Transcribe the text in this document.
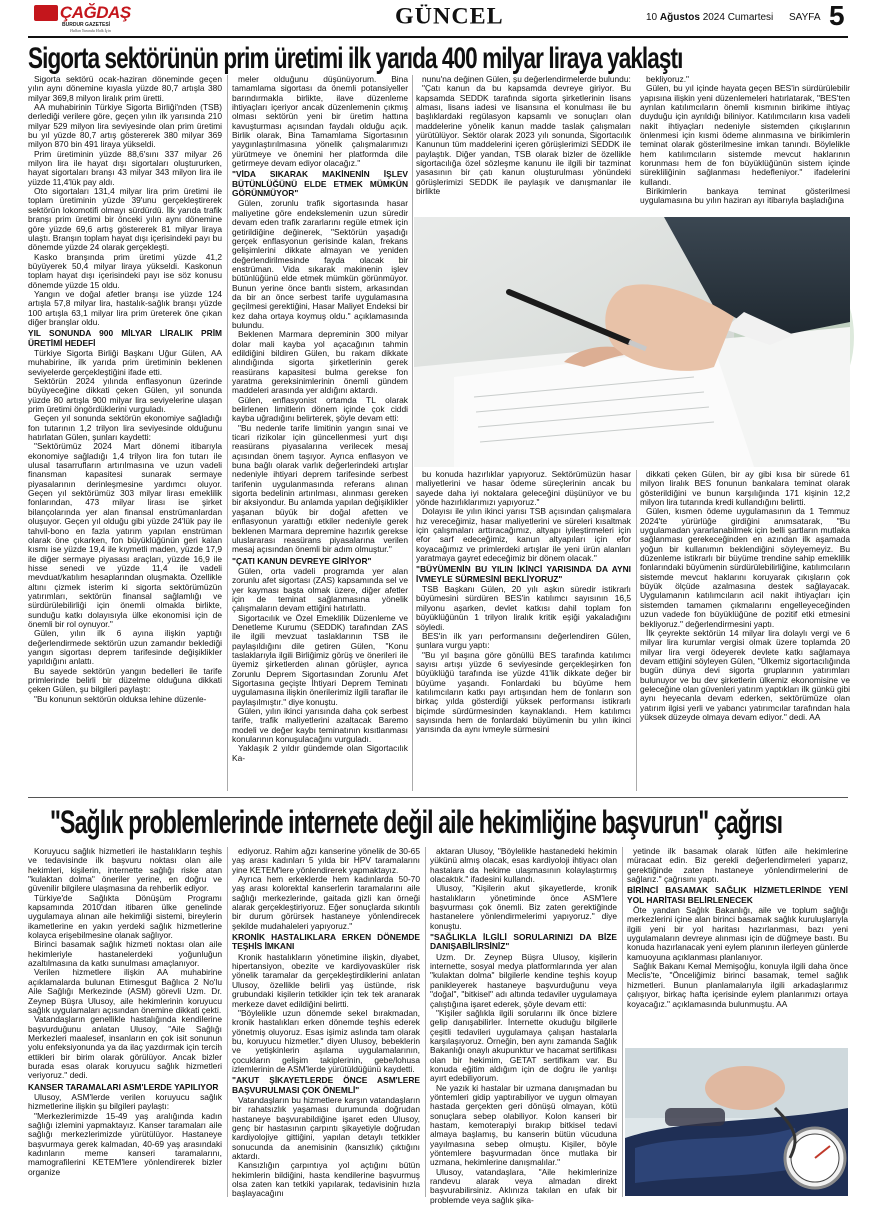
ÇAĞDAŞ
BURDUR GAZETESİ
Halkın Yanında Halk İçin
GÜNCEL	10 Ağustos 2024 Cumartesi SAYFA 5
Sigorta sektörünün prim üretimi ilk yarıda 400 milyar liraya yaklaştı

Sigorta sektörü ocak-haziran döneminde geçen yılın aynı dönemine kıyasla yüzde 80,7 artışla 380 milyar 369,8 milyon liralık prim üretti.

AA muhabirinin Türkiye Sigorta Birliği'nden (TSB) derlediği verilere göre, geçen yılın ilk yarısında 210 milyar 529 milyon lira seviyesinde olan prim üretimi bu yıl yüzde 80,7 artış göstererek 380 milyar 369 milyon 870 bin 491 liraya yükseldi.

Prim üretiminin yüzde 88,6'sını 337 milyar 26 milyon lira ile hayat dışı sigortaları oluştururken, hayat sigortaları branşı 43 milyar 343 milyon lira ile yüzde 11,4'lük pay aldı.

Oto sigortaları 131,4 milyar lira prim üretimi ile toplam üretiminin yüzde 39'unu gerçekleştirerek sektörün lokomotifi olmayı sürdürdü. İlk yarıda trafik branşı prim üretimi bir önceki yılın aynı dönemine göre yüzde 69,6 artış göstererek 81 milyar liraya ulaştı. Branşın toplam hayat dışı içerisindeki payı bu dönemde yüzde 24 olarak gerçekleşti.

Kasko branşında prim üretimi yüzde 41,2 büyüyerek 50,4 milyar liraya yükseldi. Kaskonun toplam hayat dışı içerisindeki payı ise söz konusu dönemde yüzde 15 oldu.

Yangın ve doğal afetler branşı ise yüzde 124 artışla 57,8 milyar lira, hastalık-sağlık branşı yüzde 100 artışla 63,1 milyar lira prim üreterek öne çıkan diğer branşlar oldu.

YIL SONUNDA 900 MİLYAR LİRALIK PRİM ÜRETİMİ HEDEFİ

Türkiye Sigorta Birliği Başkanı Uğur Gülen, AA muhabirine, ilk yarıda prim üretiminin beklenen seviyelerde gerçekleştiğini ifade etti.

Sektörün 2024 yılında enflasyonun üzerinde büyüyeceğine dikkati çeken Gülen, yıl sonunda yüzde 80 artışla 900 milyar lira seviyelerine ulaşan prim üretimi öngördüklerini vurguladı.

Geçen yıl sonunda sektörün ekonomiye sağladığı fon tutarının 1,2 trilyon lira seviyesinde olduğunu hatırlatan Gülen, şunları kaydetti:

"Sektörümüz 2024 Mart dönemi itibarıyla ekonomiye sağladığı 1,4 trilyon lira fon tutarı ile ulusal tasarrufların artırılmasına ve uzun vadeli finansman kapasitesi sunarak sermaye piyasalarının derinleşmesine yardımcı oluyor. Geçen yıl sektörümüz 303 milyar lirası emeklilik fonlarından, 473 milyar lirası ise şirket bilançolarında yer alan finansal enstrümanlardan oluşuyor. Geçen yıl olduğu gibi yüzde 24'lük pay ile tahvil-bono en fazla yatırım yapılan enstrüman olarak öne çıkarken, fon büyüklüğünün geri kalan kısmı ise yüzde 19,4 ile kıymetli maden, yüzde 17,9 ile diğer sermaye piyasası araçları, yüzde 16,9 ile hisse senedi ve yüzde 11,4 ile vadeli mevduat/katılım hesaplarından oluşmakta. Özellikle altını çizmek isterim ki sigorta sektörümüzün yatırımları, sektörün finansal sağlamlığı ve sürdürülebilirliği için önemli olmakla birlikte, sunduğu katkı dolayısıyla ülke ekonomisi için de önemli bir rol oynuyor."

Gülen, yılın ilk 6 ayına ilişkin yaptığı değerlendirmede sektörün uzun zamandır beklediği yangın sigortası deprem tarifesinde değişiklikler yapıldığını anlattı.

Bu sayede sektörün yangın bedelleri ile tarife primlerinde belirli bir düzelme olduğuna dikkati çeken Gülen, şu bilgileri paylaştı:

"Bu konunun sektörün olduksa lehine düzenle-

meler olduğunu düşünüyorum. Bina tamamlama sigortası da önemli potansiyeller barındırmakla birlikte, ilave düzenleme ihtiyaçları içeriyor ancak düzenlemenin çıkmış olması sektörün yeni bir üretim hattına kavuşturması açısından faydalı olduğu açık. Birlik olarak, Bina Tamamlama Sigortasının yaygınlaştırılmasına yönelik çalışmalarımızı yürütmeye ve önemini her platformda dile getirmeye devam ediyor olacağız."

"VİDA SIKARAK MAKİNENİN İŞLEV BÜTÜNLÜĞÜNÜ ELDE ETMEK MÜMKÜN GÖRÜNMÜYOR"

Gülen, zorunlu trafik sigortasında hasar maliyetine göre endekslemenin uzun süredir devam eden trafik zararlarını regüle etmek için getirildiğine değinerek, "Sektörün yaşadığı gerçek enflasyonun gerisinde kalan, frekans gelişimlerini dikkate almayan ve yeniden değerlendirilmesinde fayda olacak bir enstrüman. Vida sıkarak makinenin işlev bütünlüğünü elde etmek mümkün görünmüyor. Bunun yerine önce bantlı sistem, arkasından da bir an önce serbest tarife uygulamasına geçilmesi gerektiğini, Hasar Maliyet Endeksi bir kez daha ortaya koymuş oldu." açıklamasında bulundu.

Beklenen Marmara depreminin 300 milyar dolar mali kayba yol açacağının tahmin edildiğini bildiren Gülen, bu rakam dikkate alındığında sigorta şirketlerinin gerek reasürans kapasitesi bulma gerekse fon yaratma gereksinimlerinin önemli gündem maddeleri arasında yer aldığını aktardı.

Gülen, enflasyonist ortamda TL olarak belirlenen limitlerin dönem içinde çok ciddi kayba uğradığını belirterek, şöyle devam etti:

"Bu nedenle tarife limitinin yangın sınai ve ticari rizikolar için güncellenmesi yurt dışı reasürans piyasalarına verilecek mesaj açısından önem taşıyor. Ayrıca enflasyon ve buna bağlı olarak varlık değerlerindeki artışlar nedeniyle ihtiyari deprem tarifesinde serbest tarifenin uygulanmasında referans alınan sigorta bedelinin artırılması, alınması gereken bir aksiyondur. Bu anlamda yapılan değişiklikler yaşanan büyük bir doğal afetten ve enflasyonun yarattığı etkiler nedeniyle gerek beklenen Marmara depremine hazırlık gerekse uluslararası reasürans piyasalarına verilen mesaj açısından önemli bir adım olmuştur."

"ÇATI KANUN DEVREYE GİRİYOR"

Gülen, orta vadeli programda yer alan zorunlu afet sigortası (ZAS) kapsamında sel ve yer kayması başta olmak üzere, diğer afetler için de teminat sağlanmasına yönelik çalışmaların devam ettiğini hatırlattı.

Sigortacılık ve Özel Emeklilik Düzenleme ve Denetleme Kurumu (SEDDK) tarafından ZAS ile ilgili mevzuat taslaklarının TSB ile paylaşıldığını dile getiren Gülen, "Konu taslaklarıyla ilgili Birliğimiz görüş ve önerileri ile üyemiz şirketlerden alınan görüşler, ayrıca Zorunlu Deprem Sigortasından Zorunlu Afet Sigortasına geçişte İhtiyari Deprem Teminatı uygulamasına ilişkin önerilerimiz ilgili taraflar ile paylaşılmıştır." diye konuştu.

Gülen, yılın ikinci yarısında daha çok serbest tarife, trafik maliyetlerini azaltacak Baremo modeli ve değer kaybı teminatının kısıtlanması konularının konuşulacağını vurguladı.

Yaklaşık 2 yıldır gündemde olan Sigortacılık Ka-

nunu'na değinen Gülen, şu değerlendirmelerde bulundu:

"Çatı kanun da bu kapsamda devreye giriyor. Bu kapsamda SEDDK tarafında sigorta şirketlerinin lisans alması, lisans iadesi ve lisansına el konulması ile bu başlıklardaki regülasyon kapsamlı ve sonuçları olan maddelerine yönelik kanun madde taslak çalışmaları yürütülüyor. Sektör olarak 2023 yılı sonunda, Sigortacılık Kanunun tüm maddelerini içeren görüşlerimizi SEDDK ile paylaştık. Diğer yandan, TSB olarak bizler de özellikle sigortacılığa özel sözleşme kanunu ile ilgili bir tazminat yasasının bir çatı kanun oluşturulması yönündeki görüşlerimizi SEDDK ile paylaşık ve danışmanlar ile birlikte

bekliyoruz."

Gülen, bu yıl içinde hayata geçen BES'in sürdürülebilir yapısına ilişkin yeni düzenlemeleri hatırlatarak, "BES'ten ayrılan katılımcıların önemli kısmının birikime ihtiyaç duyduğu için ayrıldığı biliniyor. Katılımcıların kısa vadeli nakit ihtiyaçları nedeniyle sistemden çıkışlarının önlenmesi için kısmi ödeme alınmasına ve birikimlerin teminat olarak gösterilmesine imkan tanındı. Böylelikle hem katılımcıların sistemde mevcut haklarının korunması hem de fon büyüklüğünün sistem içinde sürekliliğinin sağlanması hedefleniyor." ifadelerini kullandı.

Birikimlerin bankaya teminat gösterilmesi uygulamasına bu yılın haziran ayı itibarıyla başladığına

bu konuda hazırlıklar yapıyoruz. Sektörümüzün hasar maliyetlerini ve hasar ödeme süreçlerinin ancak bu sayede daha iyi noktalara geleceğini düşünüyor ve bu yönde hazırlıklarımızı yapıyoruz."

Dolayısı ile yılın ikinci yarısı TSB açısından çalışmalara hız vereceğimiz, hasar maliyetlerini ve süreleri kısaltmak için çalışmaları arttıracağımız, altyapı iyileştirmeleri için efor sarf edeceğimiz, kanun altyapıları için efor koyacağımız ve primlerdeki artışlar ile yeni ürün alanları yaratmaya gayret edeceğimiz bir dönem olacak."

"BÜYÜMENİN BU YILIN İKİNCİ YARISINDA DA AYNI İVMEYLE SÜRMESİNİ BEKLİYORUZ"

TSB Başkanı Gülen, 20 yılı aşkın süredir istikrarlı büyümesini sürdüren BES'in katılımcı sayısının 16,5 milyonu aşarken, devlet katkısı dahil toplam fon büyüklüğünün 1 trilyon liralık kritik eşiği yakaladığını söyledi.

BES'in ilk yarı performansını değerlendiren Gülen, şunlara vurgu yaptı:

"Bu yıl başına göre gönüllü BES tarafında katılımcı sayısı artışı yüzde 6 seviyesinde gerçekleşirken fon büyüklüğü tarafında ise yüzde 41'lik dikkate değer bir büyüme yaşandı. Fonlardaki bu büyüme hem katılımcıların katkı payı artışından hem de fonların son birkaç yılda gösterdiği yüksek performansı istikrarlı biçimde sürdürmesinden kaynaklandı. Hem katılımcı sayısında hem de fonlardaki büyümenin bu yılın ikinci yarısında da aynı ivmeyle sürmesini

dikkati çeken Gülen, bir ay gibi kısa bir sürede 61 milyon liralık BES fonunun bankalara teminat olarak gösterildiğini ve bunun karşılığında 171 kişinin 12,2 milyon lira tutarında kredi kullandığını belirtti.

Gülen, kısmen ödeme uygulamasının da 1 Temmuz 2024'te yürürlüğe girdiğini anımsatarak, "Bu uygulamadan yararlanabilmek için belli şartların mutlaka sağlanması gerekeceğinden en azından ilk aşamada yoğun bir kullanımın beklendiğini söyleyemeyiz. Bu düzenleme istikrarlı bir büyüme trendine sahip emeklilik fonlarındaki büyümenin sürdürülebilirliğine, katılımcıların sistemde mevcut haklarını koruyarak çıkışların çok büyük ölçüde azalmasına destek sağlayacak. Uygulamanın katılımcıların acil nakit ihtiyaçları için sistemden tamamen çıkmalarını engelleyeceğinden uzun vadede fon büyüklüğüne de pozitif etki etmesini bekliyoruz." değerlendirmesini yaptı.

İlk çeyrekte sektörün 14 milyar lira dolaylı vergi ve 6 milyar lira kurumlar vergisi olmak üzere toplamda 20 milyar lira vergi ödeyerek devlete katkı sağlamaya devam ettiğini söyleyen Gülen, "Ülkemiz sigortacılığında bugün dünya devi sigorta gruplarının yatırımları bulunuyor ve bu dev şirketlerin ülkemiz ekonomisine ve geleceğine olan güvenleri yatırım yaptıkları ilk günkü gibi aynı heyecanla devam ederken, sektörümüze olan yatırım ilgisi yerli ve yabancı yatırımcılar tarafından hala yüksek düzeyde olmaya devam ediyor." dedi. AA

"Sağlık problemlerinde internete değil aile hekimliğine başvurun" çağrısı

Koruyucu sağlık hizmetleri ile hastalıkların teşhis ve tedavisinde ilk başvuru noktası olan aile hekimleri, kişilerin, internette sağlığı riske atan "kulaktan dolma" öneriler yerine, en doğru ve güvenilir bilgilere ulaşmasına da rehberlik ediyor.

Türkiye'de Sağlıkta Dönüşüm Programı kapsamında 2010'dan itibaren ülke genelinde uygulamaya alınan aile hekimliği sistemi, bireylerin ikametlerine en yakın yerdeki sağlık hizmetlerine kolayca erişebilmesine olanak sağlıyor.

Birinci basamak sağlık hizmeti noktası olan aile hekimleriyle hastanelerdeki yoğunluğun azaltılmasına da katkı sunulması amaçlanıyor.

Verilen hizmetlere ilişkin AA muhabirine açıklamalarda bulunan Etimesgut Bağlıca 2 No'lu Aile Sağlığı Merkezinde (ASM) görevli Uzm. Dr. Zeynep Büşra Ulusoy, aile hekimlerinin koruyucu sağlık uygulamaları açısından önemine dikkati çekti.

Vatandaşların genellikle hastalığında kendilerine başvurduğunu anlatan Ulusoy, "Aile Sağlığı Merkezleri maalesef, insanların en çok isit sonunun yolu enfeksiyonunda ya da ilaç yazdırmak için tercih ettikleri bir birim olarak görülüyor. Ancak bizler burada esas olarak koruyucu sağlık hizmetleri veriyoruz." dedi.

KANSER TARAMALARI ASM'LERDE YAPILIYOR

Ulusoy, ASM'lerde verilen koruyucu sağlık hizmetlerine ilişkin şu bilgileri paylaştı:

"Merkezlerimizde 15-49 yaş aralığında kadın sağlığı izlemini yapmaktayız. Kanser taramaları aile sağlığı merkezlerimizde yürütülüyor. Hastaneye başvurmaya gerek kalmadan, 40-69 yaş arasındaki kadınların meme kanseri taramalarını, mamografilerini KETEM'lere yönlendirerek bizler organize

ediyoruz. Rahim ağzı kanserine yönelik de 30-65 yaş arası kadınları 5 yılda bir HPV taramalarını yine KETEM'lere yönlendirerek yapmaktayız.

Ayrıca hem erkeklerde hem kadınlarda 50-70 yaş arası kolorektal kanserlerin taramalarını aile sağlığı merkezlerinde, gaitada gizli kan örneği alarak gerçekleştiriyoruz. Eğer sonuçlarda sıkıntılı bir durum görürsek hastaneye yönlendirecek şekilde mudahaleleri yapıyoruz."

KRONİK HASTALIKLARA ERKEN DÖNEMDE TEŞHİS İMKANI

Kronik hastalıkların yönetimine ilişkin, diyabet, hipertansiyon, obezite ve kardiyovasküler risk yönelik taramalar da gerçekleştirdiklerini anlatan Ulusoy, özellikle belirli yaş üstünde, risk grubundaki kişilerin tetkikler için tek tek aranarak merkeze davet edildiğini belirtti.

"Böylelikle uzun dönemde sekel bırakmadan, kronik hastalıkları erken dönemde teşhis ederek yönetmiş oluyoruz. Esas işimiz aslında tam olarak bu, koruyucu hizmetler." diyen Ulusoy, bebeklerin ve yetişkinlerin aşılama uygulamalarının, çocukların gelişim takiplerinin, gebe/lohusa izlemlerinin de ASM'lerde yürütüldüğünü kaydetti.

"AKUT ŞİKAYETLERDE ÖNCE ASM'LERE BAŞVURULMASI ÇOK ÖNEMLİ"

Vatandaşların bu hizmetlere karşın vatandaşların bir rahatsızlık yaşaması durumunda doğrudan hastaneye başvurabildiğine işaret eden Ulusoy, genç bir hastasının çarpıntı şikayetiyle doğrudan kardiyolojiye gittiğini, yapılan detaylı tetkikler sonucunda da anemisinin (kansızlık) çıktığını aktardı.

Kansızlığın çarpıntıya yol açtığını bütün hekimlerin bildiğini, hasta kendilerine başvurmuş olsa zaten kan tetkiki yapılarak, tedavisinin hızla başlayacağını

aktaran Ulusoy, "Böylelikle hastanedeki hekimin yükünü almış olacak, esas kardiyoloji ihtiyacı olan hastalara da hekime ulaşmasının kolaylaştırmış olacaktık." ifadesini kullandı.

Ulusoy, "Kişilerin akut şikayetlerde, kronik hastalıkların yönetiminde önce ASM'lere başvurması çok önemli. Biz zaten gerektiğinde hastanelere yönlendirmelerimi yapıyoruz." diye konuştu.

"SAĞLIKLA İLGİLİ SORULARINIZI DA BİZE DANIŞABİLİRSİNİZ"

Uzm. Dr. Zeynep Büşra Ulusoy, kişilerin internette, sosyal medya platformlarında yer alan "kulaktan dolma" bilgilerle kendine teşhis koyup panikleyerek hastaneye başvurduğunu veya "doğal", "bitkisel" adı altında tedaviler uygulamaya çalıştığına işaret ederek, şöyle devam etti:

"Kişiler sağlıkla ilgili sorularını ilk önce bizlere gelip danışabilirler. İnternette okuduğu bilgilerle çeşitli tedavileri uygulamaya çalışan hastalarla karşılaşıyoruz. Örneğin, ben aynı zamanda Sağlık Bakanlığı onaylı akupunktur ve hacamat sertifikası olan bir hekimim, GETAT sertifikam var. Bu konuda eğitim aldığım için de doğru ile yanlışı ayırt edebiliyorum.

Ne yazık ki hastalar bir uzmana danışmadan bu yöntemleri gidip yaptırabiliyor ve uygun olmayan hastada gerçekten geri dönüşü olmayan, kötü sonuçlara sebep olabiliyor. Kolon kanseri bir hastam, kemoterapiyi bırakıp bitkisel tedavi almaya başlamış, bu kanserin bütün vücuduna yayılmasına sebep olmuştu. Kişiler, böyle yöntemlere başvurmadan önce mutlaka bir uzmana, hekimlerine danışmalılar."

Ulusoy, vatandaşlara, "Aile hekimlerinize randevu alarak veya almadan direkt başvurabilirsiniz. Aklınıza takılan en ufak bir problemde veya sağlık şika-

yetinde ilk basamak olarak lütfen aile hekimlerine müracaat edin. Biz gerekli değerlendirmeleri yaparız, gerektiğinde zaten hastaneye yönlendirmelerini de sağlarız." çağrısını yaptı.

BİRİNCİ BASAMAK SAĞLIK HİZMETLERİNDE YENİ YOL HARİTASI BELİRLENECEK

Öte yandan Sağlık Bakanlığı, aile ve toplum sağlığı merkezlerini içine alan birinci basamak sağlık kuruluşlarıyla ilgili yeni bir yol haritası hazırlanması, bazı yeni uygulamaların devreye alınması için de düğmeye bastı. Bu konuda hazırlanacak yeni eylem planının ilerleyen günlerde kamuoyuna açıklanması planlanıyor.

Sağlık Bakanı Kemal Memişoğlu, konuyla ilgili daha önce Meclis'te, "Önceliğimiz birinci basamak, temel sağlık hizmetleri. Bunun planlamalarıyla ilgili arkadaşlarımız çalışıyor, birkaç hafta içerisinde eylem planlarımızı ortaya koyacağız." açıklamasında bulunmuştu. AA
